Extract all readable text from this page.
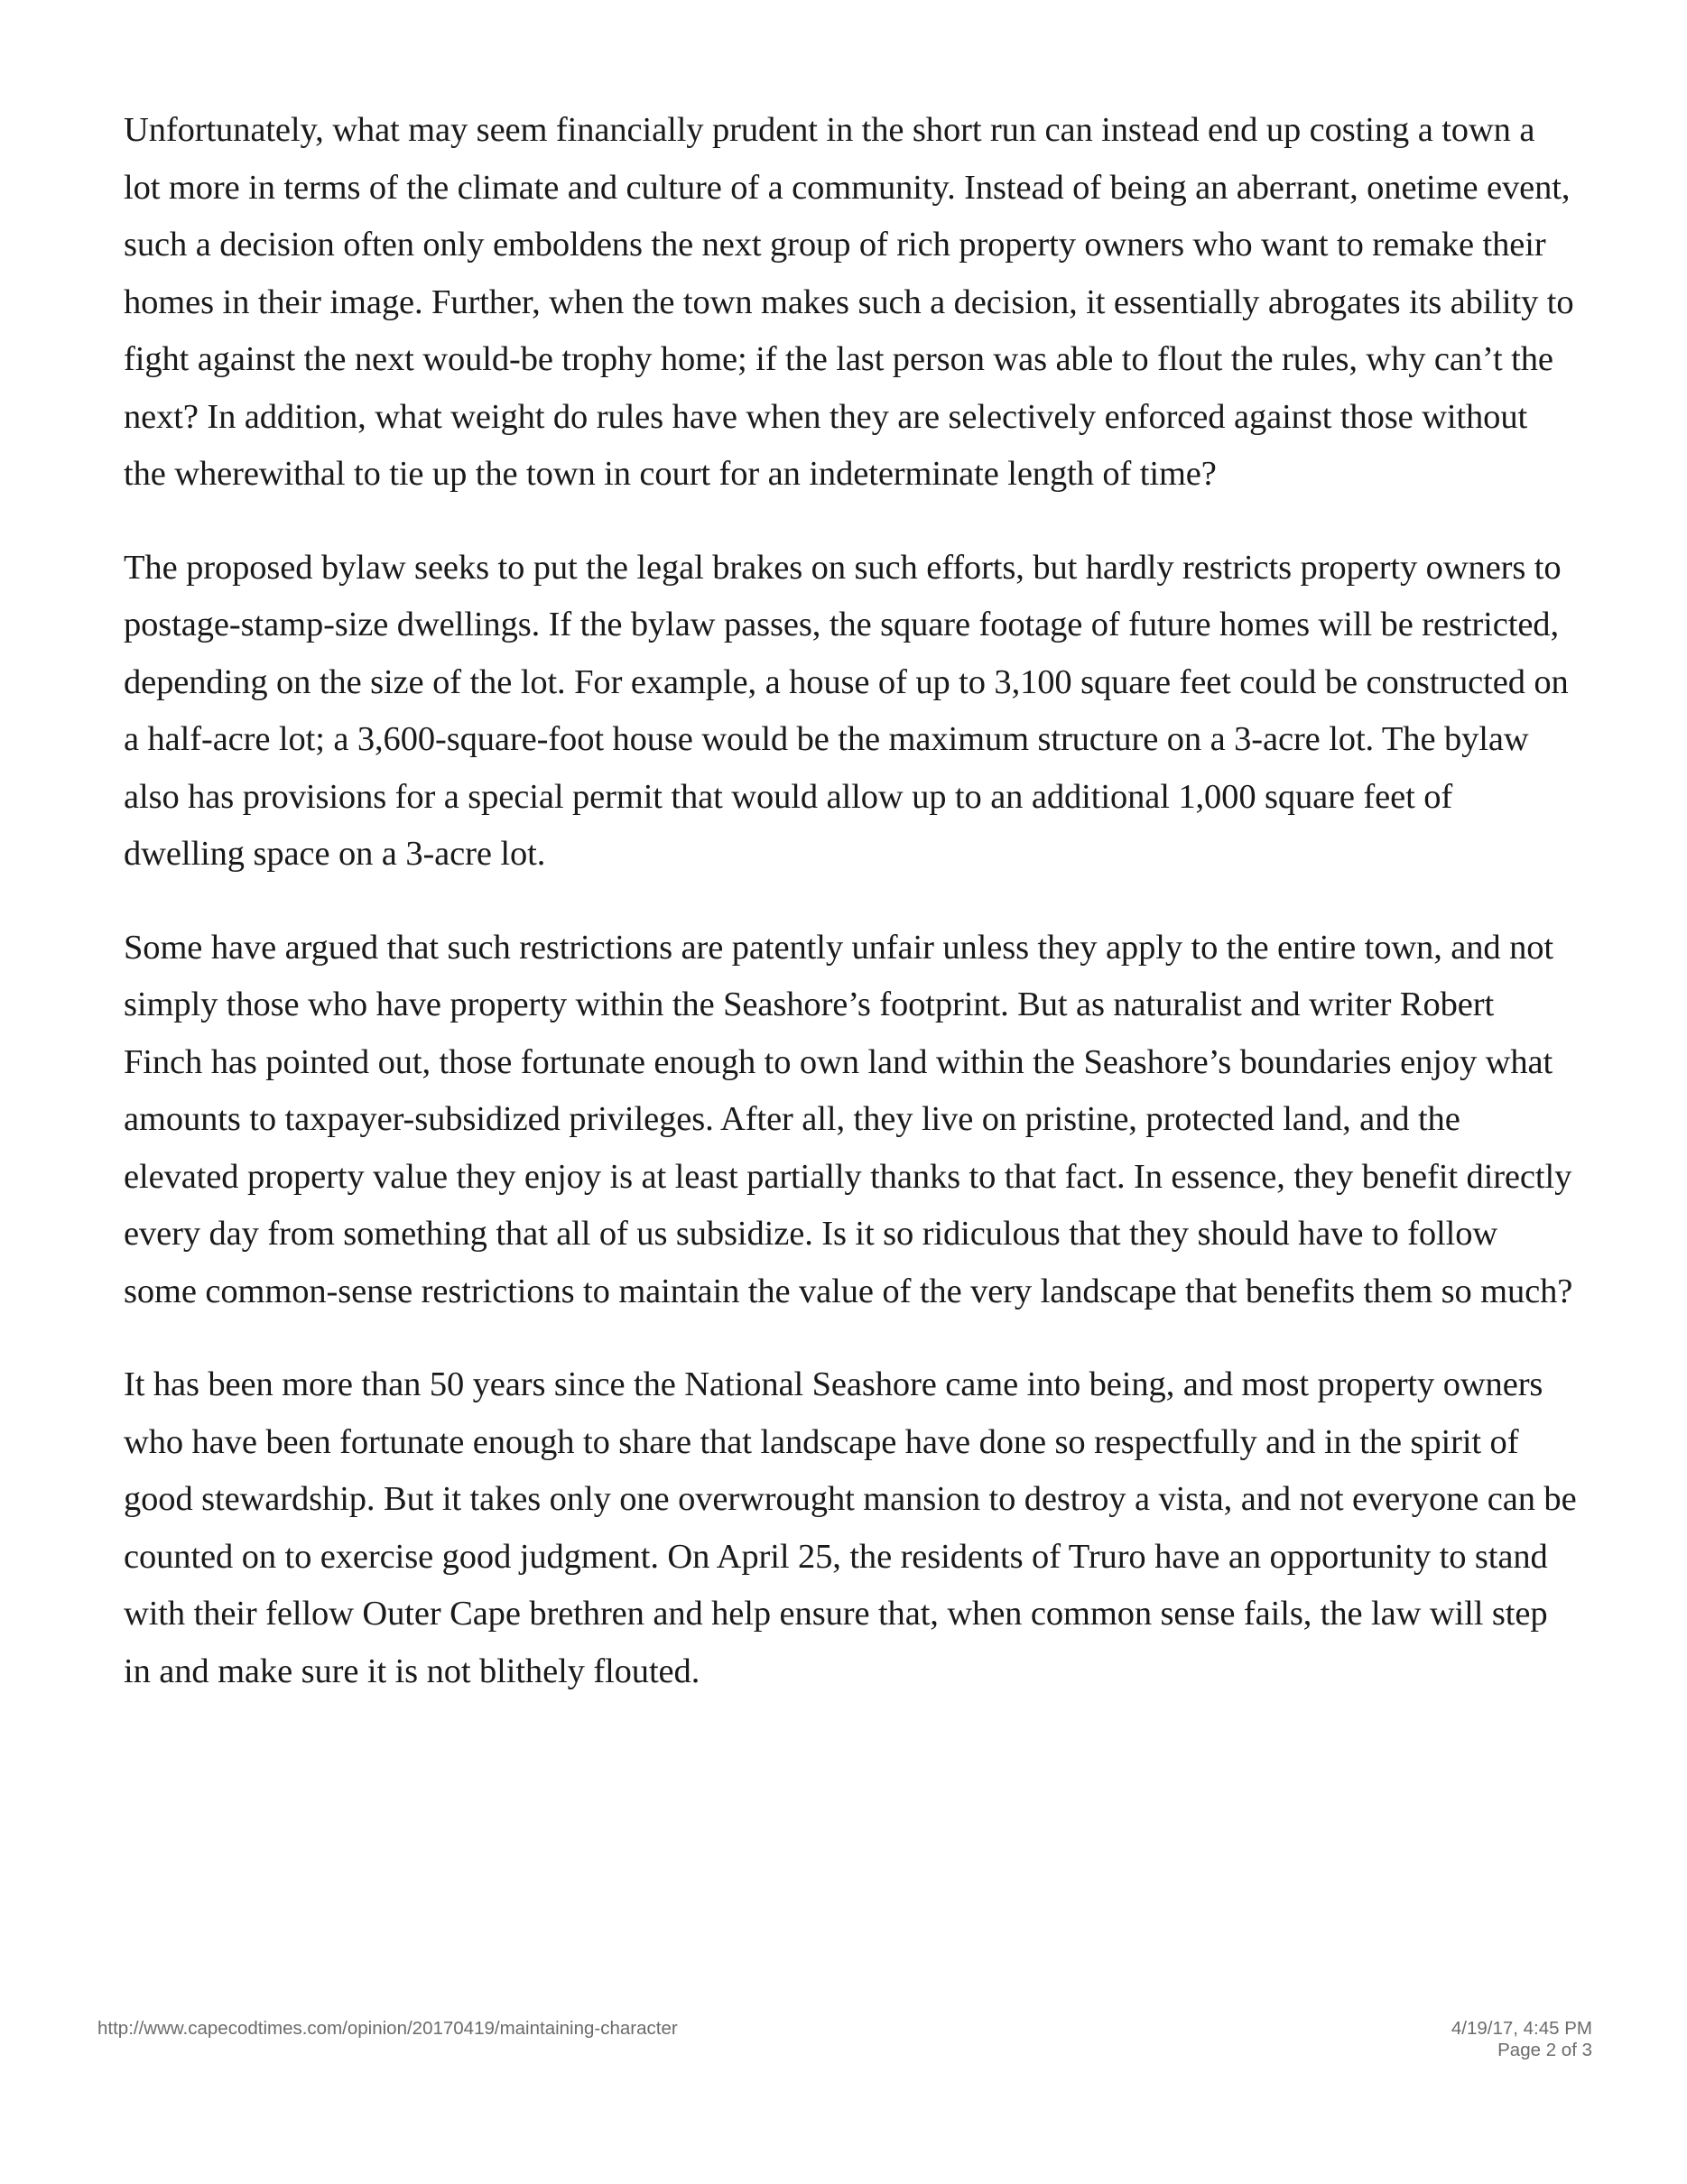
Unfortunately, what may seem financially prudent in the short run can instead end up costing a town a lot more in terms of the climate and culture of a community. Instead of being an aberrant, onetime event, such a decision often only emboldens the next group of rich property owners who want to remake their homes in their image. Further, when the town makes such a decision, it essentially abrogates its ability to fight against the next would-be trophy home; if the last person was able to flout the rules, why can’t the next? In addition, what weight do rules have when they are selectively enforced against those without the wherewithal to tie up the town in court for an indeterminate length of time?

The proposed bylaw seeks to put the legal brakes on such efforts, but hardly restricts property owners to postage-stamp-size dwellings. If the bylaw passes, the square footage of future homes will be restricted, depending on the size of the lot. For example, a house of up to 3,100 square feet could be constructed on a half-acre lot; a 3,600-square-foot house would be the maximum structure on a 3-acre lot. The bylaw also has provisions for a special permit that would allow up to an additional 1,000 square feet of dwelling space on a 3-acre lot.

Some have argued that such restrictions are patently unfair unless they apply to the entire town, and not simply those who have property within the Seashore’s footprint. But as naturalist and writer Robert Finch has pointed out, those fortunate enough to own land within the Seashore’s boundaries enjoy what amounts to taxpayer-subsidized privileges. After all, they live on pristine, protected land, and the elevated property value they enjoy is at least partially thanks to that fact. In essence, they benefit directly every day from something that all of us subsidize. Is it so ridiculous that they should have to follow some common-sense restrictions to maintain the value of the very landscape that benefits them so much?

It has been more than 50 years since the National Seashore came into being, and most property owners who have been fortunate enough to share that landscape have done so respectfully and in the spirit of good stewardship. But it takes only one overwrought mansion to destroy a vista, and not everyone can be counted on to exercise good judgment. On April 25, the residents of Truro have an opportunity to stand with their fellow Outer Cape brethren and help ensure that, when common sense fails, the law will step in and make sure it is not blithely flouted.

http://www.capecodtimes.com/opinion/20170419/maintaining-character	4/19/17, 4:45 PM
Page 2 of 3
